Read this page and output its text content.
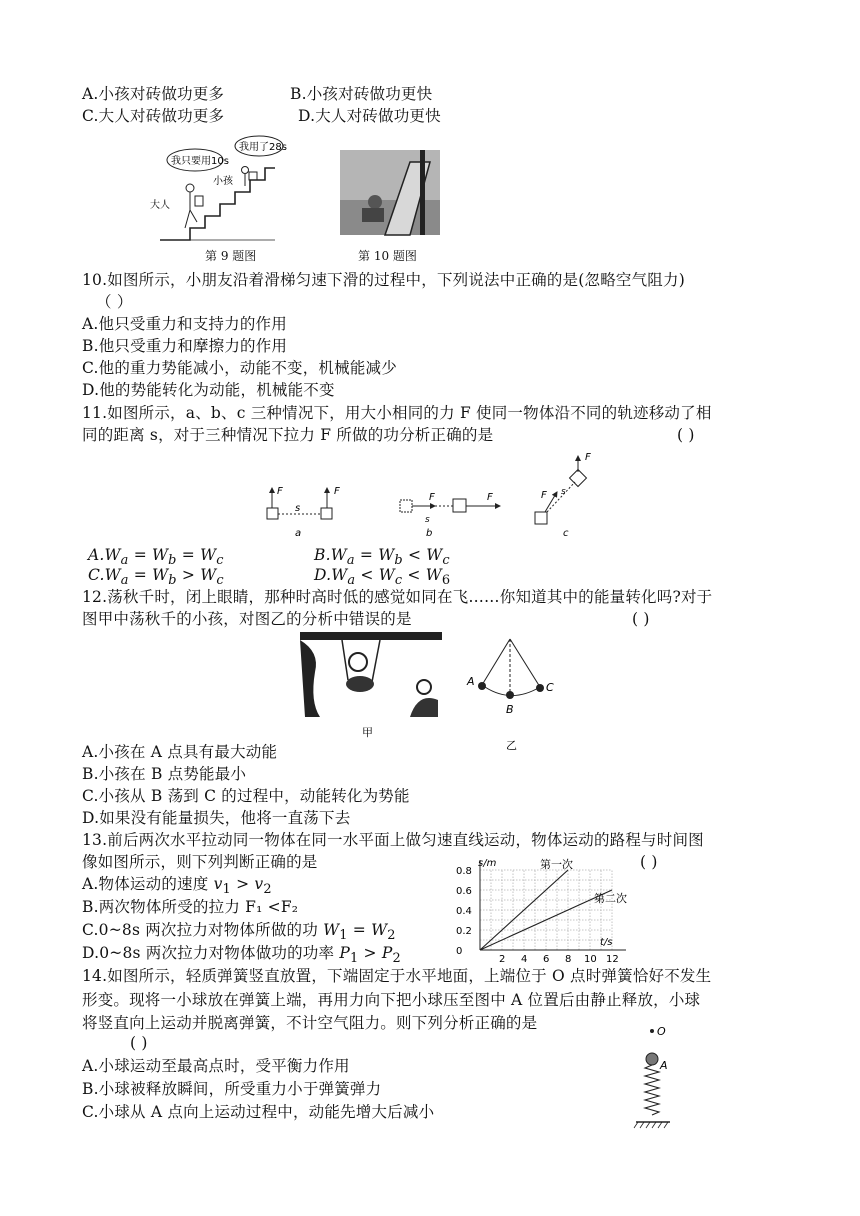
A.小孩对砖做功更多	B.小孩对砖做功更快
C.大人对砖做功更多	D.大人对砖做功更快
我只要用10s
我用了28s
小孩
大人
第 9 题图	第 10 题图
10.如图所示，小朋友沿着滑梯匀速下滑的过程中，下列说法中正确的是(忽略空气阻力)
（ ）
A.他只受重力和支持力的作用
B.他只受重力和摩擦力的作用
C.他的重力势能减小，动能不变，机械能减少
D.他的势能转化为动能，机械能不变
11.如图所示，a、b、c 三种情况下，用大小相同的力 F 使同一物体沿不同的轨迹移动了相
同的距离 s，对于三种情况下拉力 F 所做的功分析正确的是	( )
F
s
F
a
F
s
F
b
F s
F
c
$A.W_a = W_b = W_c$	$B.W_a = W_b < W_c$
$C.W_a = W_b > W_c$	$D.W_a < W_c < W_6$
12.荡秋千时，闭上眼睛，那种时高时低的感觉如同在飞……你知道其中的能量转化吗?对于
图甲中荡秋千的小孩，对图乙的分析中错误的是	( )
甲
A
B
C
乙
A.小孩在 A 点具有最大动能
B.小孩在 B 点势能最小
C.小孩从 B 荡到 C 的过程中，动能转化为势能
D.如果没有能量损失，他将一直荡下去
13.前后两次水平拉动同一物体在同一水平面上做匀速直线运动，物体运动的路程与时间图
像如图所示，则下列判断正确的是	( )
A.物体运动的速度 $v_1 > v_2$
B.两次物体所受的拉力 F₁ <F₂
C.0~8s 两次拉力对物体所做的功 $W_1 = W_2$
D.0~8s 两次拉力对物体做功的功率 $P_1 > P_2$
s/m
t/s
0.8
0.6
0.4
0.2
0
2 4 6 8 10 12
第一次
第二次
14.如图所示，轻质弹簧竖直放置，下端固定于水平地面，上端位于 O 点时弹簧恰好不发生
形变。现将一小球放在弹簧上端，再用力向下把小球压至图中 A 位置后由静止释放，小球
将竖直向上运动并脱离弹簧，不计空气阻力。则下列分析正确的是
( )
A.小球运动至最高点时，受平衡力作用
B.小球被释放瞬间，所受重力小于弹簧弹力
C.小球从 A 点向上运动过程中，动能先增大后减小
O
A
